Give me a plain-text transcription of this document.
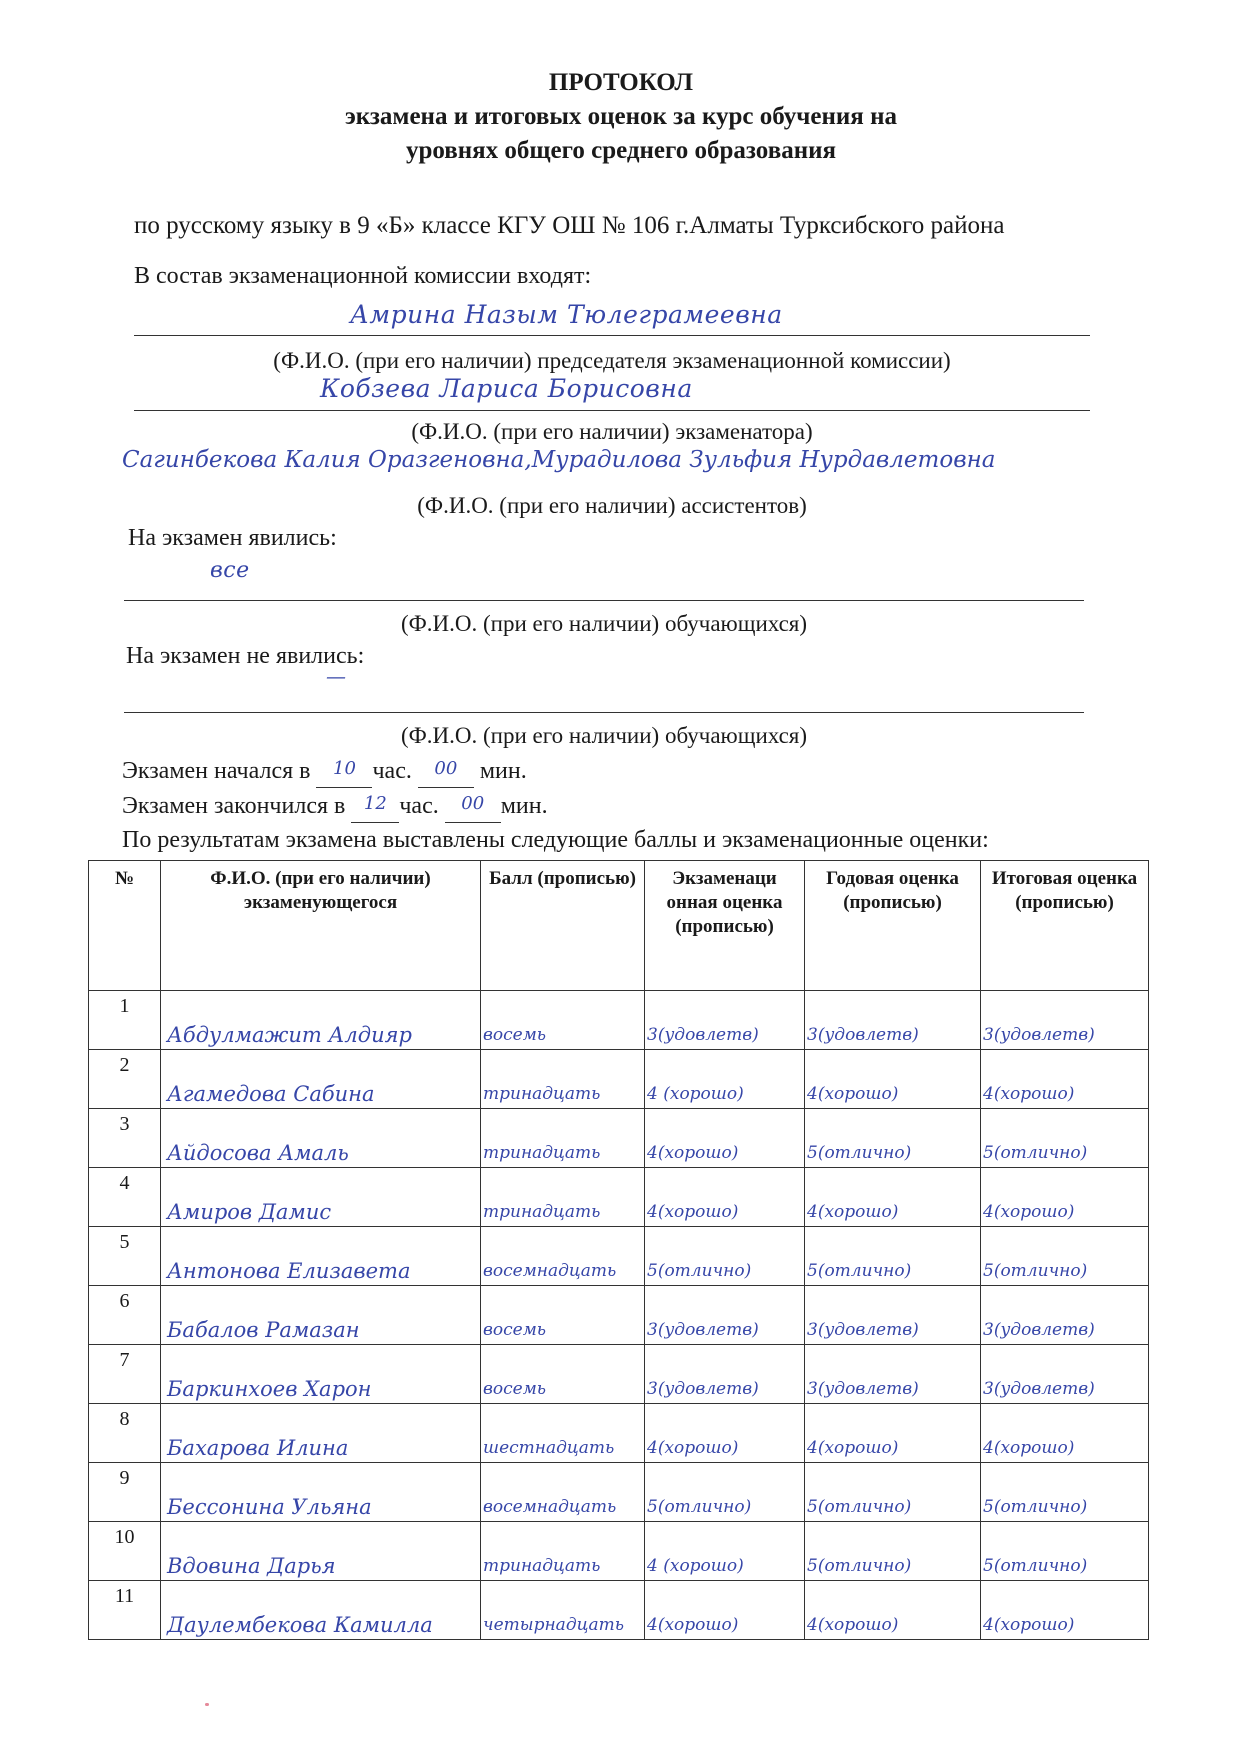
ПРОТОКОЛ
экзамена и итоговых оценок за курс обучения на
уровнях общего среднего образования
по русскому языку в 9 «Б» классе КГУ ОШ № 106 г.Алматы Турксибского района
В состав экзаменационной комиссии входят:
Амрина Назым Тюлеграмеевна
(Ф.И.О. (при его наличии) председателя экзаменационной комиссии)
Кобзева Лариса Борисовна
(Ф.И.О. (при его наличии) экзаменатора)
Сагинбекова Калия Оразгеновна,Мурадилова Зульфия Нурдавлетовна
(Ф.И.О. (при его наличии) ассистентов)
На экзамен явились:
все
(Ф.И.О. (при его наличии) обучающихся)
На экзамен не явились:
—
(Ф.И.О. (при его наличии) обучающихся)
Экзамен начался в 10 час. 00 мин.
Экзамен закончился в 12 час. 00 мин.
По результатам экзамена выставлены следующие баллы и экзаменационные оценки:
№	Ф.И.О. (при его наличии) экзаменующегося	Балл (прописью)	Экзаменаци онная оценка (прописью)	Годовая оценка (прописью)	Итоговая оценка (прописью)
1	Абдулмажит Алдияр	восемь	3(удовлетв)	3(удовлетв)	3(удовлетв)

2	Агамедова Сабина	тринадцать	4 (хорошо)	4(хорошо)	4(хорошо)

3	Айдосова Амаль	тринадцать	4(хорошо)	5(отлично)	5(отлично)

4	Амиров Дамис	тринадцать	4(хорошо)	4(хорошо)	4(хорошо)

5	Антонова Елизавета	восемнадцать	5(отлично)	5(отлично)	5(отлично)

6	Бабалов Рамазан	восемь	3(удовлетв)	3(удовлетв)	3(удовлетв)

7	Баркинхоев Харон	восемь	3(удовлетв)	3(удовлетв)	3(удовлетв)

8	Бахарова Илина	шестнадцать	4(хорошо)	4(хорошо)	4(хорошо)

9	Бессонина Ульяна	восемнадцать	5(отлично)	5(отлично)	5(отлично)

10	Вдовина Дарья	тринадцать	4 (хорошо)	5(отлично)	5(отлично)

11	Даулембекова Камилла	четырнадцать	4(хорошо)	4(хорошо)	4(хорошо)
